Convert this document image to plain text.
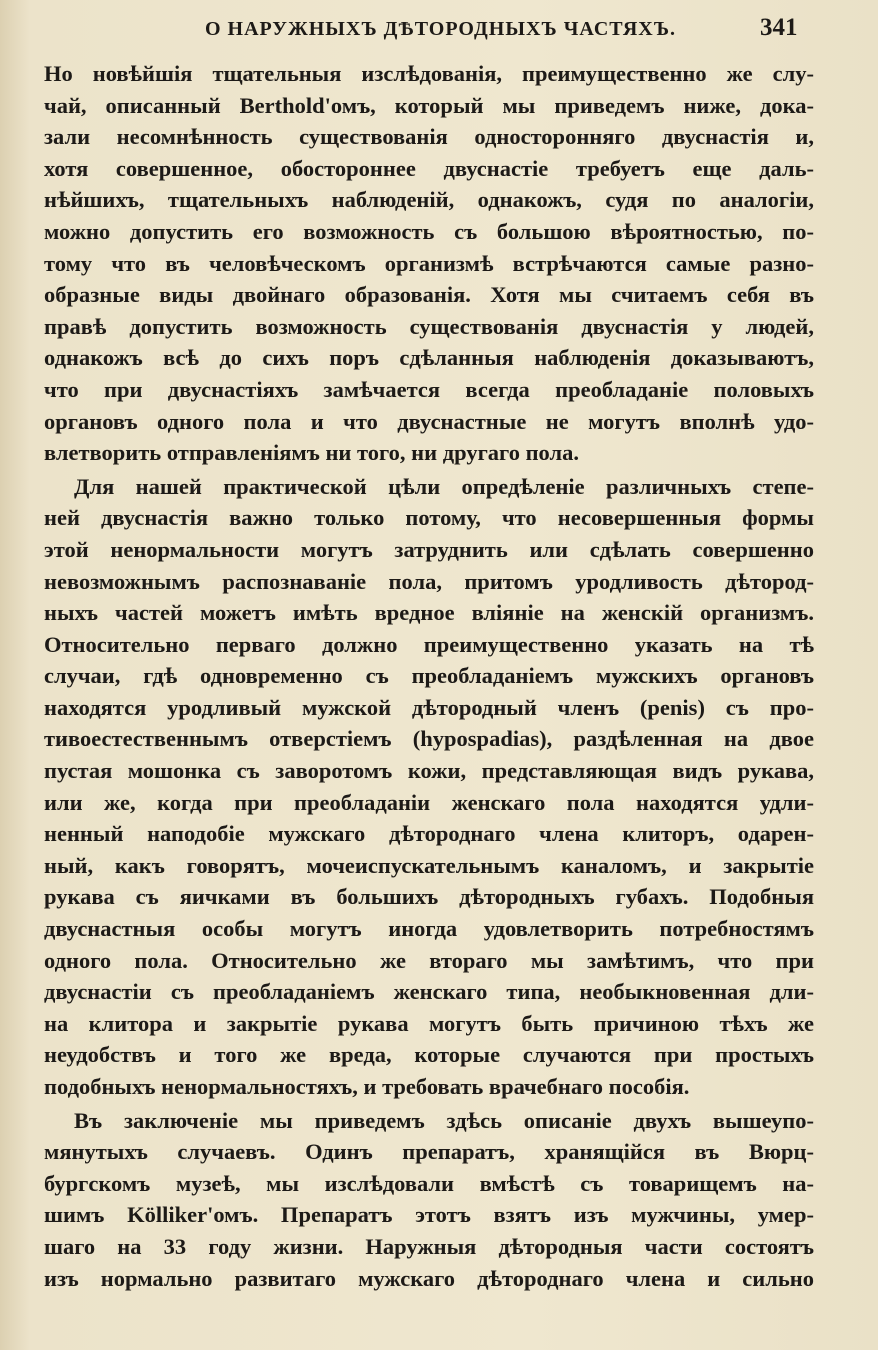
О НАРУЖНЫХЪ ДѢТОРОДНЫХЪ ЧАСТЯХЪ.	341
Но новѣйшія тщательныя изслѣдованія, преимущественно же слу-
чай, описанный Berthold'омъ, который мы приведемъ ниже, дока-
зали несомнѣнность существованія односторонняго двуснастія и,
хотя совершенное, обостороннее двуснастіе требуетъ еще даль-
нѣйшихъ, тщательныхъ наблюденій, однакожъ, судя по аналогіи,
можно допустить его возможность съ большою вѣроятностью, по-
тому что въ человѣческомъ организмѣ встрѣчаются самые разно-
образные виды двойнаго образованія. Хотя мы считаемъ себя въ
правѣ допустить возможность существованія двуснастія у людей,
однакожъ всѣ до сихъ поръ сдѣланныя наблюденія доказываютъ,
что при двуснастіяхъ замѣчается всегда преобладаніе половыхъ
органовъ одного пола и что двуснастные не могутъ вполнѣ удо-
влетворить отправленіямъ ни того, ни другаго пола.
Для нашей практической цѣли опредѣленіе различныхъ степе-
ней двуснастія важно только потому, что несовершенныя формы
этой ненормальности могутъ затруднить или сдѣлать совершенно
невозможнымъ распознаваніе пола, притомъ уродливость дѣтород-
ныхъ частей можетъ имѣть вредное вліяніе на женскій организмъ.
Относительно перваго должно преимущественно указать на тѣ
случаи, гдѣ одновременно съ преобладаніемъ мужскихъ органовъ
находятся уродливый мужской дѣтородный членъ (penis) съ про-
тивоестественнымъ отверстіемъ (hypospadias), раздѣленная на двое
пустая мошонка съ заворотомъ кожи, представляющая видъ рукава,
или же, когда при преобладаніи женскаго пола находятся удли-
ненный наподобіе мужскаго дѣтороднаго члена клиторъ, одарен-
ный, какъ говорятъ, мочеиспускательнымъ каналомъ, и закрытіе
рукава съ яичками въ большихъ дѣтородныхъ губахъ. Подобныя
двуснастныя особы могутъ иногда удовлетворить потребностямъ
одного пола. Относительно же втораго мы замѣтимъ, что при
двуснастіи съ преобладаніемъ женскаго типа, необыкновенная дли-
на клитора и закрытіе рукава могутъ быть причиною тѣхъ же
неудобствъ и того же вреда, которые случаются при простыхъ
подобныхъ ненормальностяхъ, и требовать врачебнаго пособія.
Въ заключеніе мы приведемъ здѣсь описаніе двухъ вышеупо-
мянутыхъ случаевъ. Одинъ препаратъ, хранящійся въ Вюрц-
бургскомъ музеѣ, мы изслѣдовали вмѣстѣ съ товарищемъ на-
шимъ Kölliker'омъ. Препаратъ этотъ взятъ изъ мужчины, умер-
шаго на 33 году жизни. Наружныя дѣтородныя части состоятъ
изъ нормально развитаго мужскаго дѣтороднаго члена и сильно
